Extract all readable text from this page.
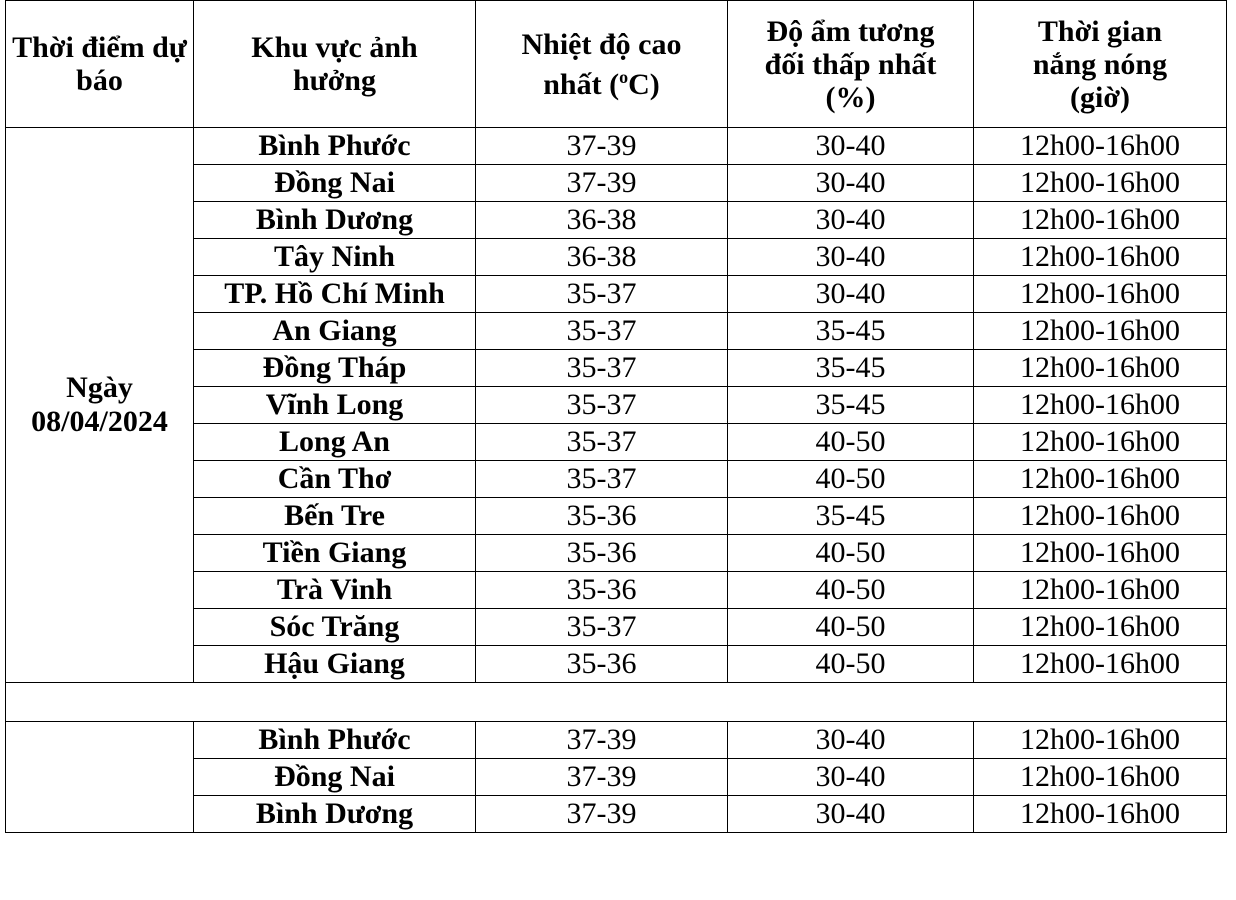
Thời điểm dự báo	Khu vực ảnh hưởng	Nhiệt độ cao nhất ($^o$C)	Độ ẩm tương đối thấp nhất (%)	Thời gian nắng nóng (giờ)

Ngày 08/04/2024	Bình Phước	37-39	30-40	12h00-16h00
	Đồng Nai	37-39	30-40	12h00-16h00
	Bình Dương	36-38	30-40	12h00-16h00
	Tây Ninh	36-38	30-40	12h00-16h00
	TP. Hồ Chí Minh	35-37	30-40	12h00-16h00
	An Giang	35-37	35-45	12h00-16h00
	Đồng Tháp	35-37	35-45	12h00-16h00
	Vĩnh Long	35-37	35-45	12h00-16h00
	Long An	35-37	40-50	12h00-16h00
	Cần Thơ	35-37	40-50	12h00-16h00
	Bến Tre	35-36	35-45	12h00-16h00
	Tiền Giang	35-36	40-50	12h00-16h00
	Trà Vinh	35-36	40-50	12h00-16h00
	Sóc Trăng	35-37	40-50	12h00-16h00
	Hậu Giang	35-36	40-50	12h00-16h00

	Bình Phước	37-39	30-40	12h00-16h00
	Đồng Nai	37-39	30-40	12h00-16h00
	Bình Dương	37-39	30-40	12h00-16h00
